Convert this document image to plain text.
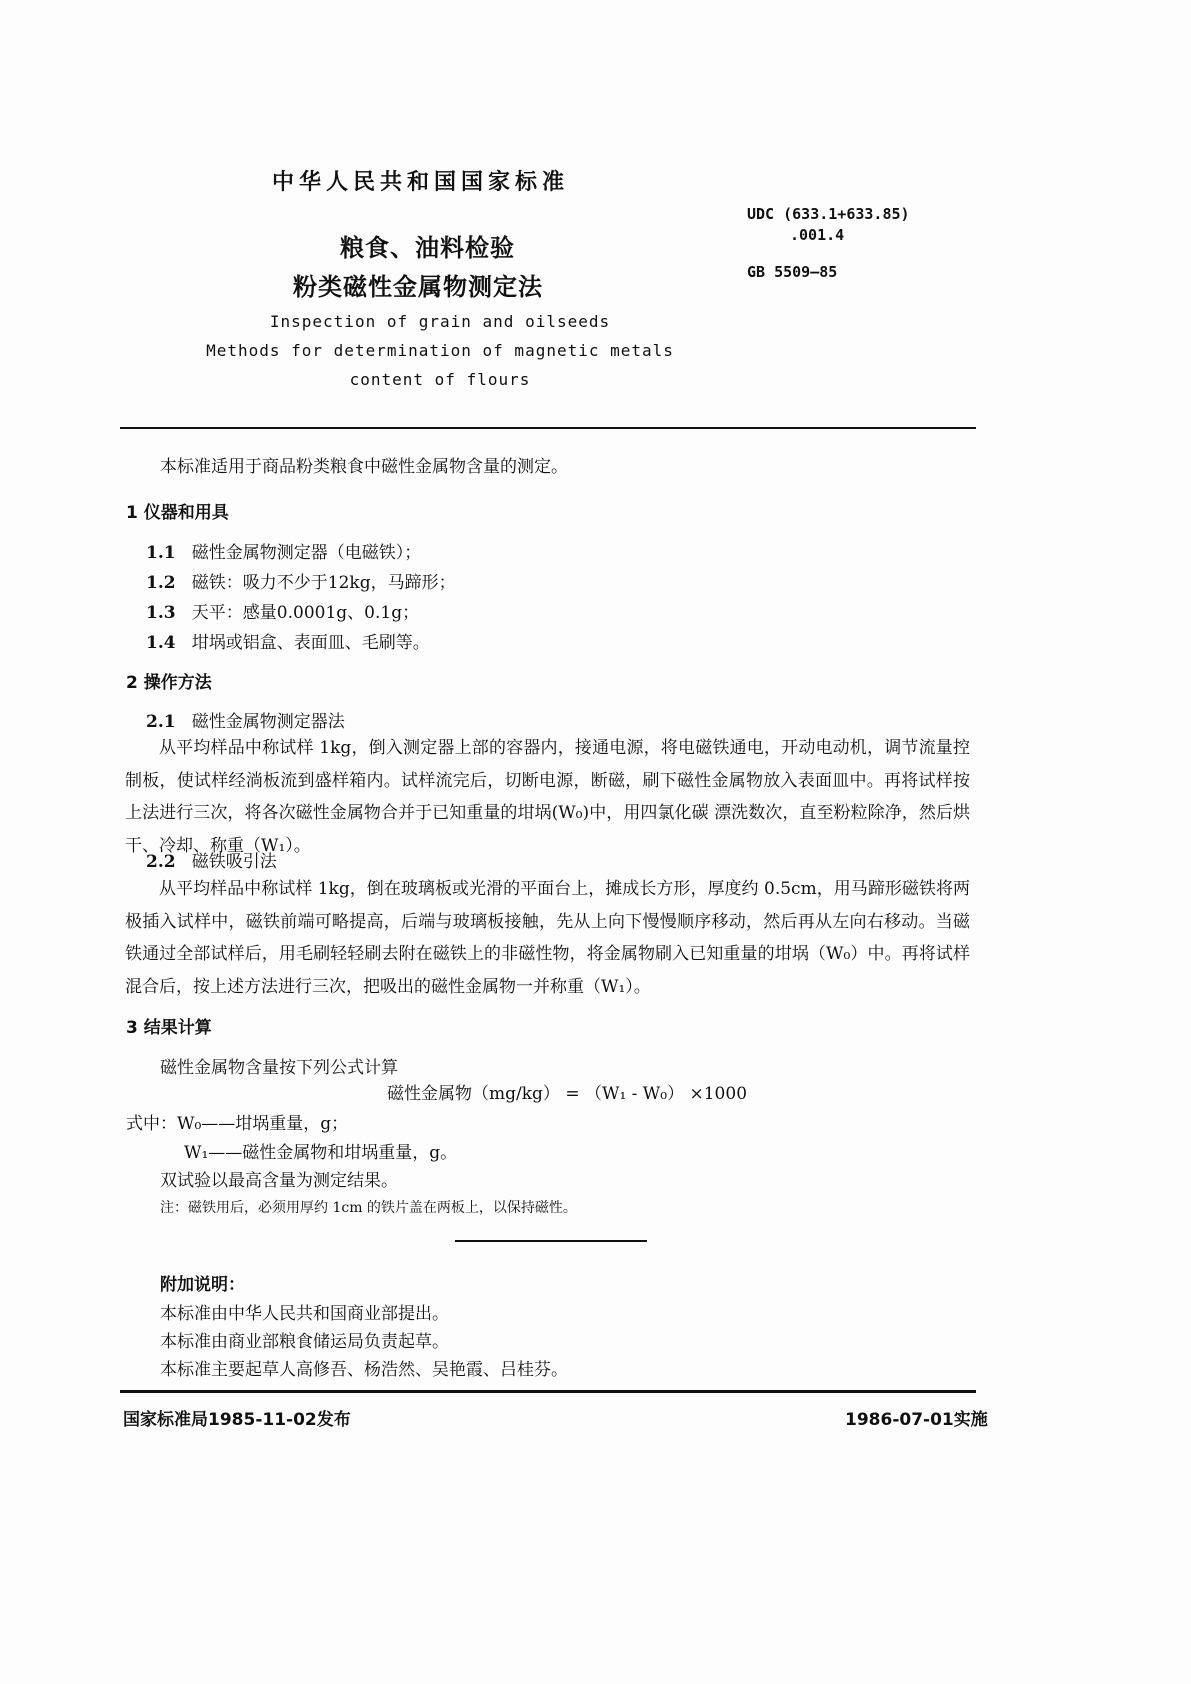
中华人民共和国国家标准
粮食、油料检验
粉类磁性金属物测定法
Inspection of grain and oilseeds
Methods for determination of magnetic metals
content of flours
UDC (633.1+633.85)
.001.4
GB 5509—85
本标准适用于商品粉类粮食中磁性金属物含量的测定。
1 仪器和用具
1.1 磁性金属物测定器（电磁铁）；
1.2 磁铁：吸力不少于12kg，马蹄形；
1.3 天平：感量0.0001g、0.1g；
1.4 坩埚或铝盒、表面皿、毛刷等。
2 操作方法
2.1 磁性金属物测定器法
从平均样品中称试样 1kg，倒入测定器上部的容器内，接通电源，将电磁铁通电，开动电动机，调节流量控制板，使试样经淌板流到盛样箱内。试样流完后，切断电源，断磁，刷下磁性金属物放入表面皿中。再将试样按上法进行三次，将各次磁性金属物合并于已知重量的坩埚(W₀)中，用四氯化碳 漂洗数次，直至粉粒除净，然后烘干、冷却、称重（W₁）。
2.2 磁铁吸引法
从平均样品中称试样 1kg，倒在玻璃板或光滑的平面台上，摊成长方形，厚度约 0.5cm，用马蹄形磁铁将两极插入试样中，磁铁前端可略提高，后端与玻璃板接触，先从上向下慢慢顺序移动，然后再从左向右移动。当磁铁通过全部试样后，用毛刷轻轻刷去附在磁铁上的非磁性物，将金属物刷入已知重量的坩埚（W₀）中。再将试样混合后，按上述方法进行三次，把吸出的磁性金属物一并称重（W₁）。
3 结果计算
磁性金属物含量按下列公式计算
磁性金属物（mg/kg） = （W₁ - W₀） ×1000
式中：W₀——坩埚重量，g；
W₁——磁性金属物和坩埚重量，g。
双试验以最高含量为测定结果。
注：磁铁用后，必须用厚约 1cm 的铁片盖在两板上，以保持磁性。
附加说明：
本标准由中华人民共和国商业部提出。
本标准由商业部粮食储运局负责起草。
本标准主要起草人高修吾、杨浩然、吴艳霞、吕桂芬。
国家标准局1985-11-02发布	1986-07-01实施
